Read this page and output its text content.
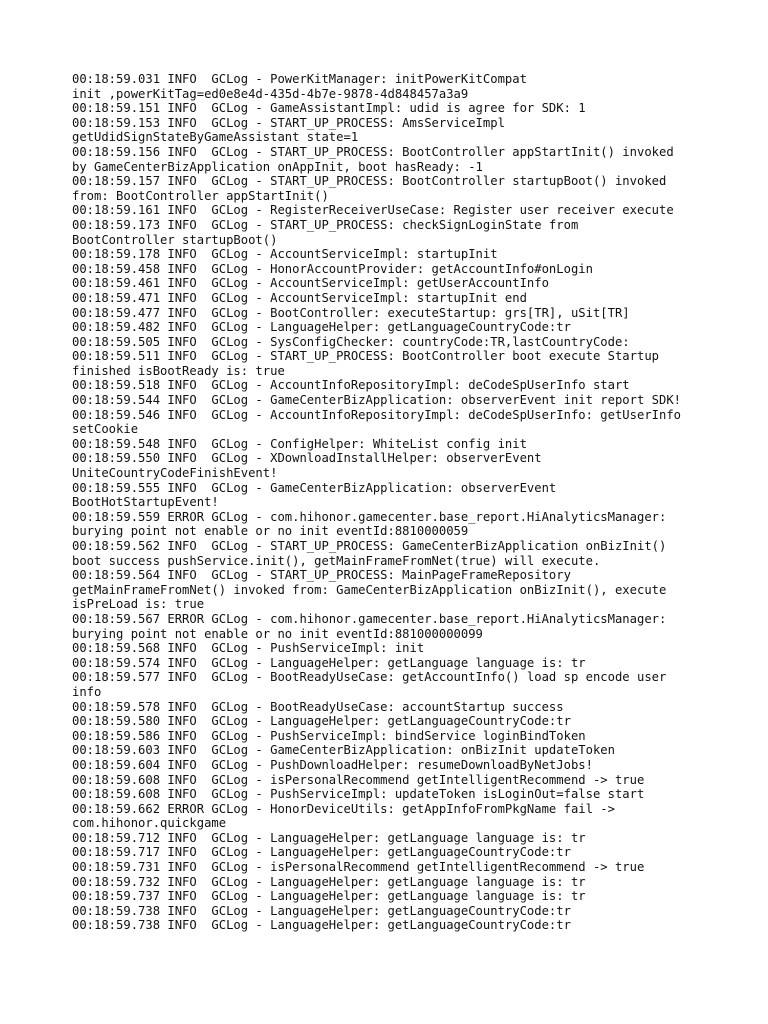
00:18:59.031 INFO  GCLog - PowerKitManager: initPowerKitCompat
init ,powerKitTag=ed0e8e4d-435d-4b7e-9878-4d848457a3a9
00:18:59.151 INFO  GCLog - GameAssistantImpl: udid is agree for SDK: 1
00:18:59.153 INFO  GCLog - START_UP_PROCESS: AmsServiceImpl
getUdidSignStateByGameAssistant state=1
00:18:59.156 INFO  GCLog - START_UP_PROCESS: BootController appStartInit() invoked
by GameCenterBizApplication onAppInit, boot hasReady: -1
00:18:59.157 INFO  GCLog - START_UP_PROCESS: BootController startupBoot() invoked
from: BootController appStartInit()
00:18:59.161 INFO  GCLog - RegisterReceiverUseCase: Register user receiver execute
00:18:59.173 INFO  GCLog - START_UP_PROCESS: checkSignLoginState from
BootController startupBoot()
00:18:59.178 INFO  GCLog - AccountServiceImpl: startupInit
00:18:59.458 INFO  GCLog - HonorAccountProvider: getAccountInfo#onLogin
00:18:59.461 INFO  GCLog - AccountServiceImpl: getUserAccountInfo
00:18:59.471 INFO  GCLog - AccountServiceImpl: startupInit end
00:18:59.477 INFO  GCLog - BootController: executeStartup: grs[TR], uSit[TR]
00:18:59.482 INFO  GCLog - LanguageHelper: getLanguageCountryCode:tr
00:18:59.505 INFO  GCLog - SysConfigChecker: countryCode:TR,lastCountryCode:
00:18:59.511 INFO  GCLog - START_UP_PROCESS: BootController boot execute Startup
finished isBootReady is: true
00:18:59.518 INFO  GCLog - AccountInfoRepositoryImpl: deCodeSpUserInfo start
00:18:59.544 INFO  GCLog - GameCenterBizApplication: observerEvent init report SDK!
00:18:59.546 INFO  GCLog - AccountInfoRepositoryImpl: deCodeSpUserInfo: getUserInfo
setCookie
00:18:59.548 INFO  GCLog - ConfigHelper: WhiteList config init
00:18:59.550 INFO  GCLog - XDownloadInstallHelper: observerEvent
UniteCountryCodeFinishEvent!
00:18:59.555 INFO  GCLog - GameCenterBizApplication: observerEvent
BootHotStartupEvent!
00:18:59.559 ERROR GCLog - com.hihonor.gamecenter.base_report.HiAnalyticsManager:
burying point not enable or no init eventId:8810000059
00:18:59.562 INFO  GCLog - START_UP_PROCESS: GameCenterBizApplication onBizInit()
boot success pushService.init(), getMainFrameFromNet(true) will execute.
00:18:59.564 INFO  GCLog - START_UP_PROCESS: MainPageFrameRepository
getMainFrameFromNet() invoked from: GameCenterBizApplication onBizInit(), execute
isPreLoad is: true
00:18:59.567 ERROR GCLog - com.hihonor.gamecenter.base_report.HiAnalyticsManager:
burying point not enable or no init eventId:881000000099
00:18:59.568 INFO  GCLog - PushServiceImpl: init
00:18:59.574 INFO  GCLog - LanguageHelper: getLanguage language is: tr
00:18:59.577 INFO  GCLog - BootReadyUseCase: getAccountInfo() load sp encode user
info
00:18:59.578 INFO  GCLog - BootReadyUseCase: accountStartup success
00:18:59.580 INFO  GCLog - LanguageHelper: getLanguageCountryCode:tr
00:18:59.586 INFO  GCLog - PushServiceImpl: bindService loginBindToken
00:18:59.603 INFO  GCLog - GameCenterBizApplication: onBizInit updateToken
00:18:59.604 INFO  GCLog - PushDownloadHelper: resumeDownloadByNetJobs!
00:18:59.608 INFO  GCLog - isPersonalRecommend getIntelligentRecommend -> true
00:18:59.608 INFO  GCLog - PushServiceImpl: updateToken isLoginOut=false start
00:18:59.662 ERROR GCLog - HonorDeviceUtils: getAppInfoFromPkgName fail ->
com.hihonor.quickgame
00:18:59.712 INFO  GCLog - LanguageHelper: getLanguage language is: tr
00:18:59.717 INFO  GCLog - LanguageHelper: getLanguageCountryCode:tr
00:18:59.731 INFO  GCLog - isPersonalRecommend getIntelligentRecommend -> true
00:18:59.732 INFO  GCLog - LanguageHelper: getLanguage language is: tr
00:18:59.737 INFO  GCLog - LanguageHelper: getLanguage language is: tr
00:18:59.738 INFO  GCLog - LanguageHelper: getLanguageCountryCode:tr
00:18:59.738 INFO  GCLog - LanguageHelper: getLanguageCountryCode:tr
